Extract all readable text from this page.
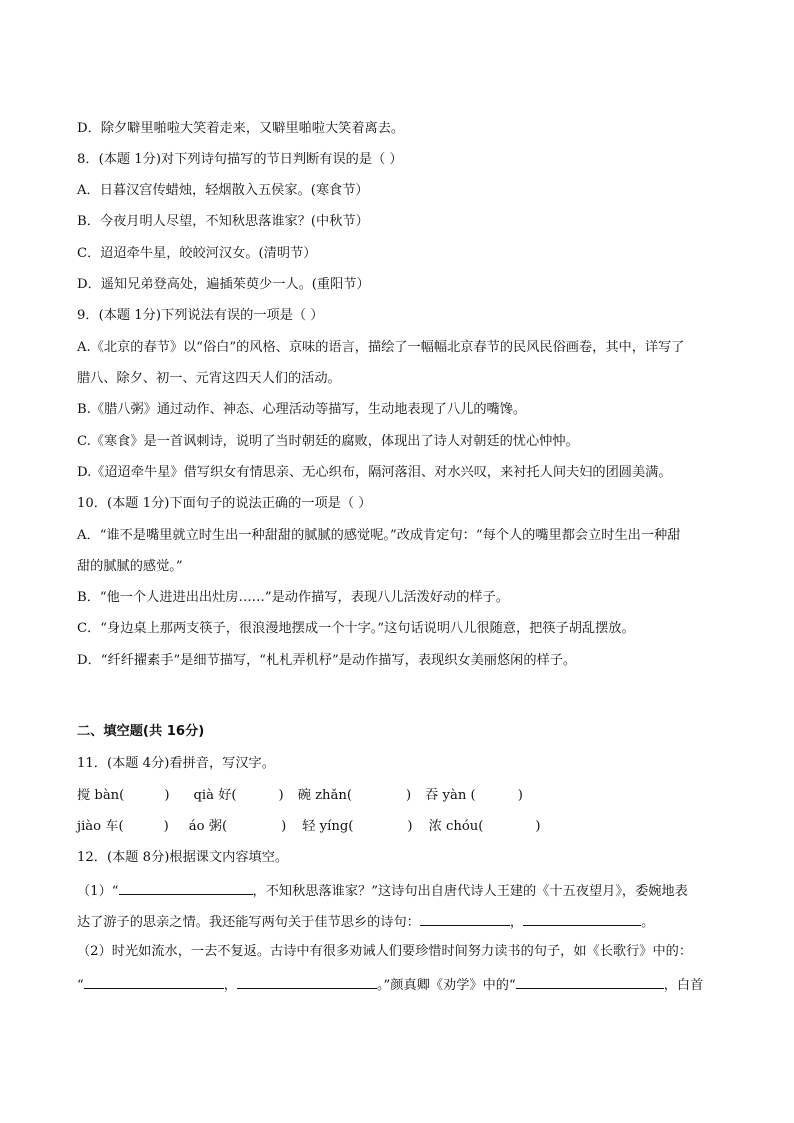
D．除夕噼里啪啦大笑着走来，又噼里啪啦大笑着离去。
8．(本题 1分)对下列诗句描写的节日判断有误的是（ ）
A．日暮汉宫传蜡烛，轻烟散入五侯家。(寒食节）
B．今夜月明人尽望，不知秋思落谁家？(中秋节）
C．迢迢牵牛星，皎皎河汉女。(清明节）
D．遥知兄弟登高处，遍插茱萸少一人。(重阳节）
9．(本题 1分)下列说法有误的一项是（ ）
A.《北京的春节》以“俗白”的风格、京味的语言，描绘了一幅幅北京春节的民风民俗画卷，其中，详写了
腊八、除夕、初一、元宵这四天人们的活动。
B.《腊八粥》通过动作、神态、心理活动等描写，生动地表现了八儿的嘴馋。
C.《寒食》是一首讽刺诗，说明了当时朝廷的腐败，体现出了诗人对朝廷的忧心忡忡。
D.《迢迢牵牛星》借写织女有情思亲、无心织布，隔河落泪、对水兴叹，来衬托人间夫妇的团圆美满。
10．(本题 1分)下面句子的说法正确的一项是（ ）
A．“谁不是嘴里就立时生出一种甜甜的腻腻的感觉呢。”改成肯定句：“每个人的嘴里都会立时生出一种甜
甜的腻腻的感觉。”
B．“他一个人进进出出灶房……”是动作描写，表现八儿活泼好动的样子。
C．“身边桌上那两支筷子，很浪漫地摆成一个十字。”这句话说明八儿很随意，把筷子胡乱摆放。
D．“纤纤擢素手”是细节描写，“札札弄机杼”是动作描写，表现织女美丽悠闲的样子。
二、填空题(共 16分)
11．(本题 4分)看拼音，写汉字。
搅 bàn(	) qià 好(	) 碗 zhǎn(	) 吞 yàn (	)
jiào 车(	) áo 粥(	) 轻 yíng(	) 浓 chóu(	)
12．(本题 8分)根据课文内容填空。
（1）“	，不知秋思落谁家？”这诗句出自唐代诗人王建的《十五夜望月》，委婉地表
达了游子的思亲之情。我还能写两句关于佳节思乡的诗句：	，	。
（2）时光如流水，一去不复返。古诗中有很多劝诫人们要珍惜时间努力读书的句子，如《长歌行》中的：
“	，	。”颜真卿《劝学》中的“	，白首
